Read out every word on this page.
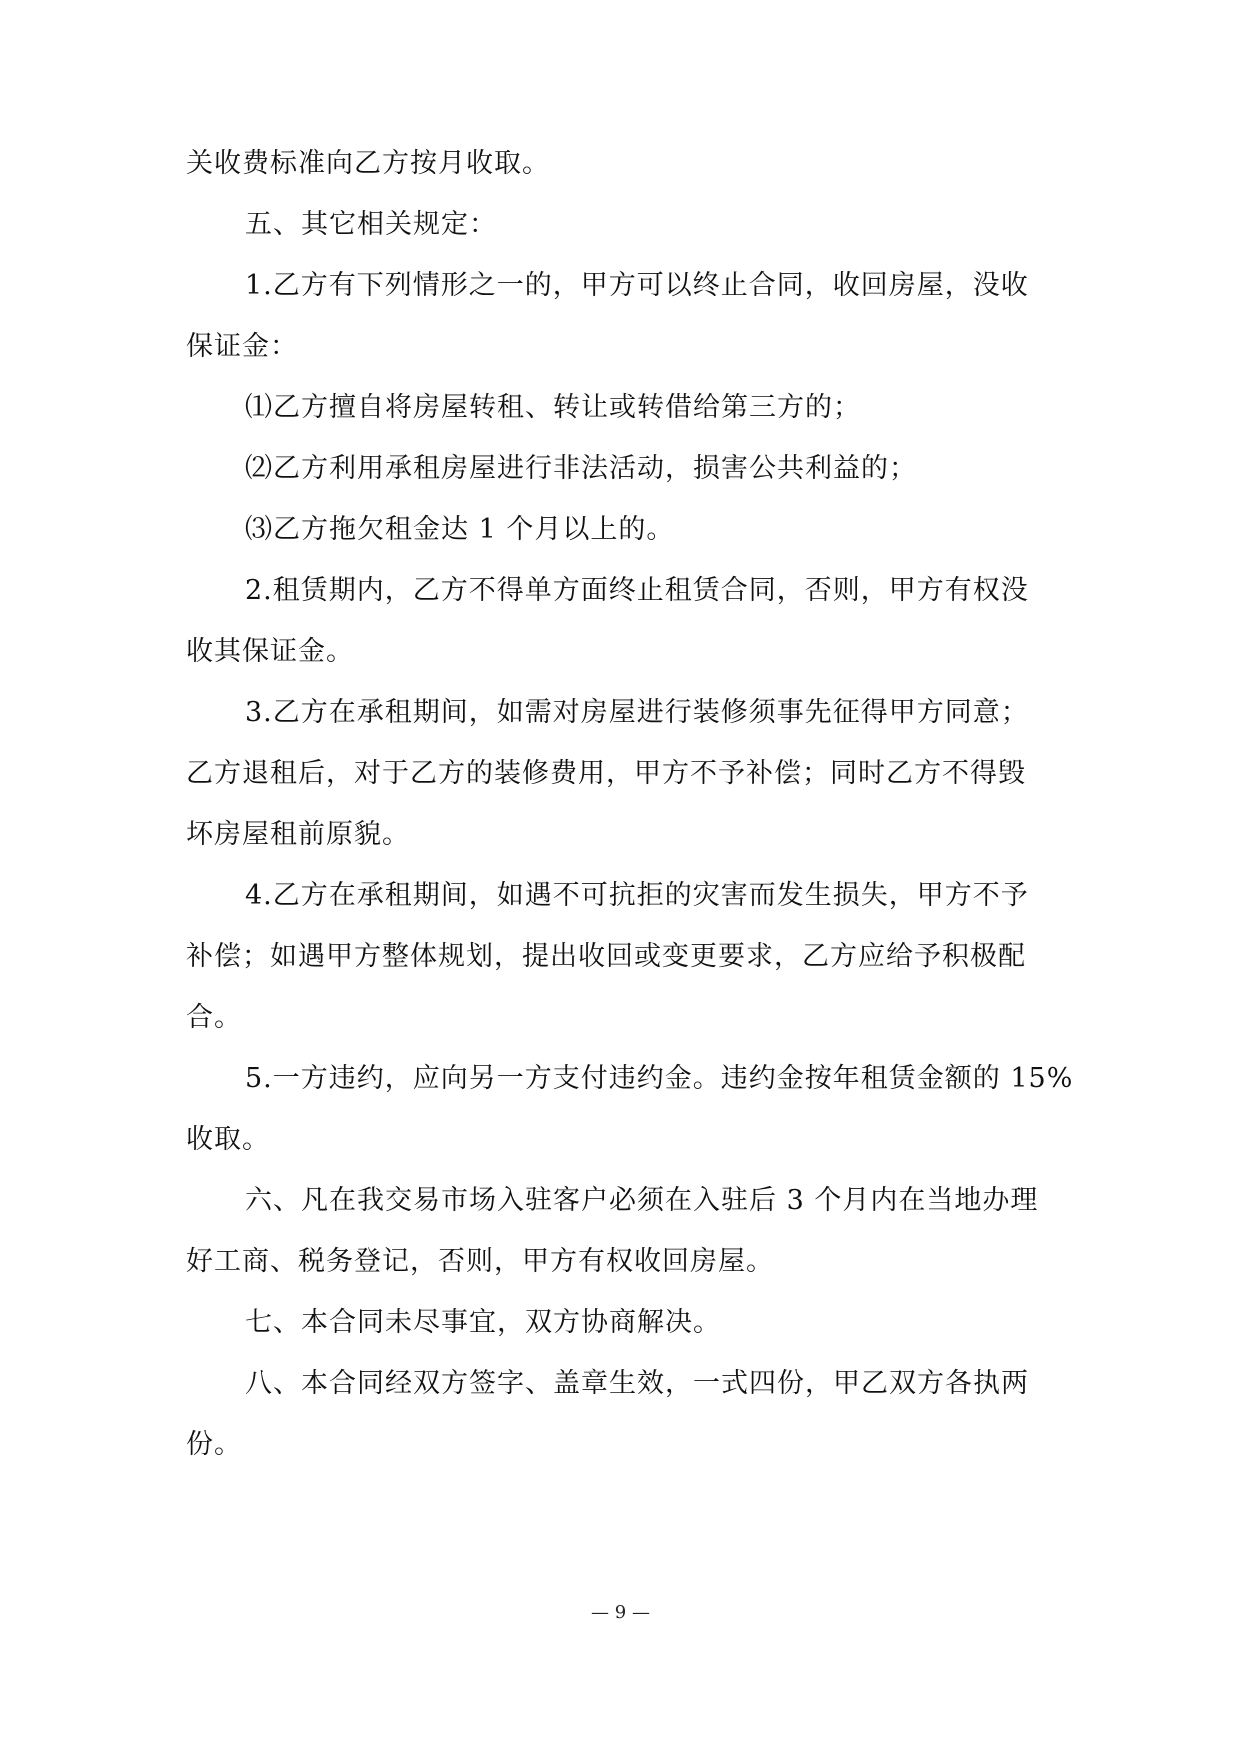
关收费标准向乙方按月收取。
五、其它相关规定：
1.乙方有下列情形之一的，甲方可以终止合同，收回房屋，没收
保证金：
⑴乙方擅自将房屋转租、转让或转借给第三方的；
⑵乙方利用承租房屋进行非法活动，损害公共利益的；
⑶乙方拖欠租金达 1 个月以上的。
2.租赁期内，乙方不得单方面终止租赁合同，否则，甲方有权没
收其保证金。
3.乙方在承租期间，如需对房屋进行装修须事先征得甲方同意；
乙方退租后，对于乙方的装修费用，甲方不予补偿；同时乙方不得毁
坏房屋租前原貌。
4.乙方在承租期间，如遇不可抗拒的灾害而发生损失，甲方不予
补偿；如遇甲方整体规划，提出收回或变更要求，乙方应给予积极配
合。
5.一方违约，应向另一方支付违约金。违约金按年租赁金额的 15%
收取。
六、凡在我交易市场入驻客户必须在入驻后 3 个月内在当地办理
好工商、税务登记，否则，甲方有权收回房屋。
七、本合同未尽事宜，双方协商解决。
八、本合同经双方签字、盖章生效，一式四份，甲乙双方各执两
份。
— 9 —
